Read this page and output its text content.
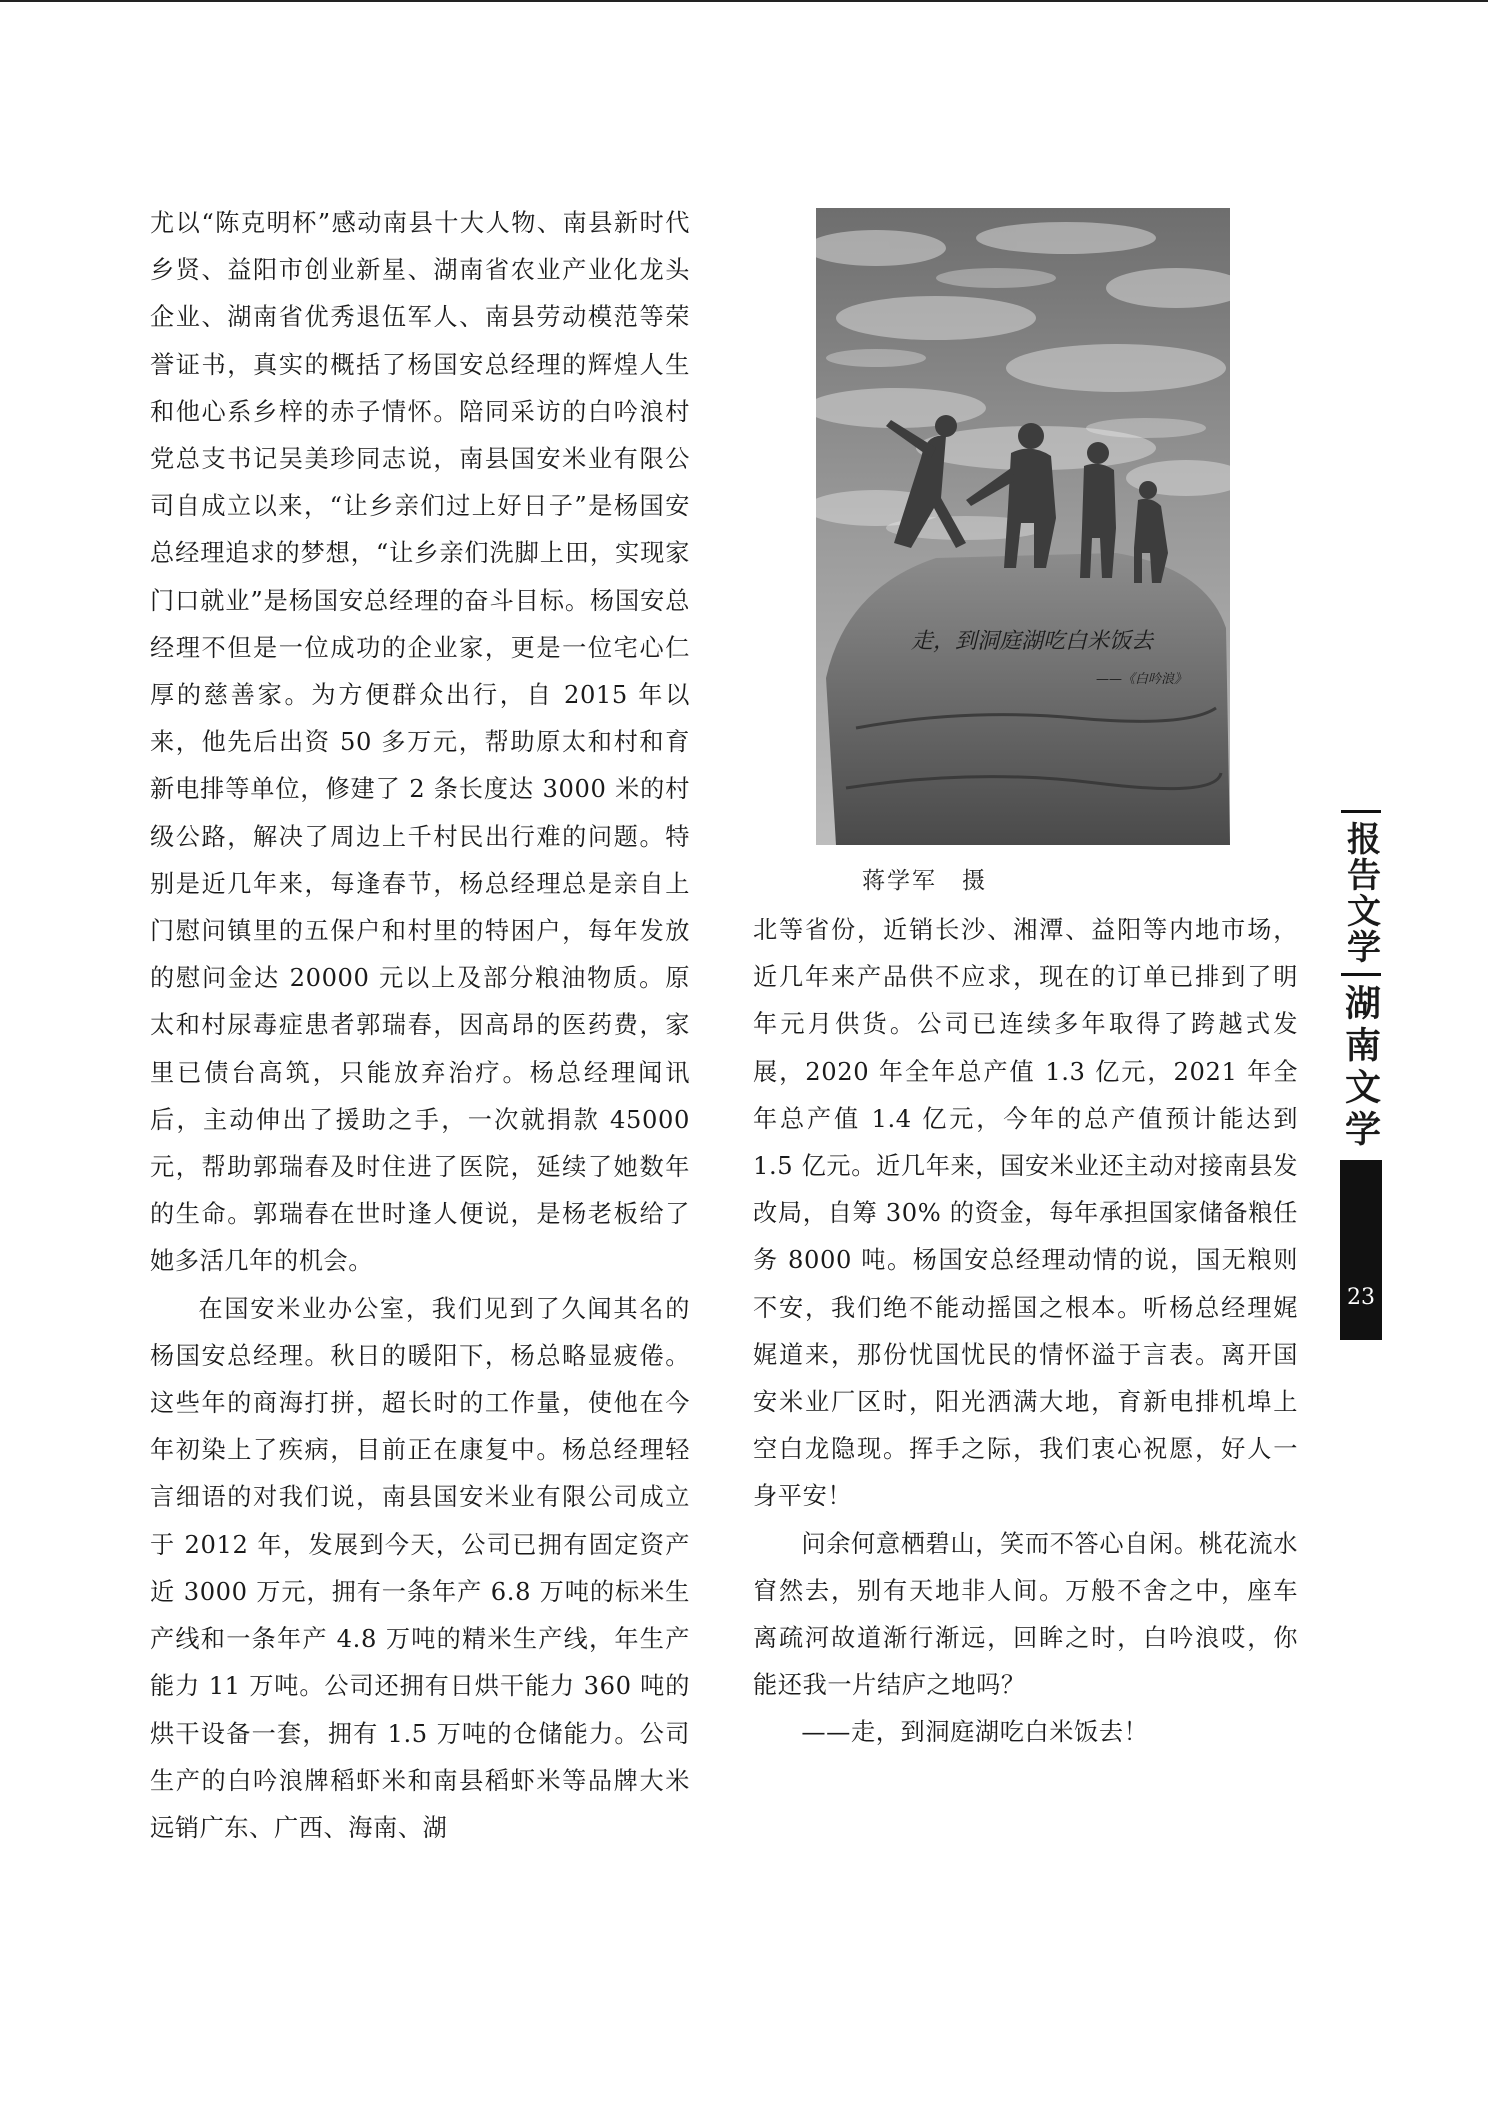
尤以“陈克明杯”感动南县十大人物、南县新时代乡贤、益阳市创业新星、湖南省农业产业化龙头企业、湖南省优秀退伍军人、南县劳动模范等荣誉证书，真实的概括了杨国安总经理的辉煌人生和他心系乡梓的赤子情怀。陪同采访的白吟浪村党总支书记吴美珍同志说，南县国安米业有限公司自成立以来，“让乡亲们过上好日子”是杨国安总经理追求的梦想，“让乡亲们洗脚上田，实现家门口就业”是杨国安总经理的奋斗目标。杨国安总经理不但是一位成功的企业家，更是一位宅心仁厚的慈善家。为方便群众出行，自 2015 年以来，他先后出资 50 多万元，帮助原太和村和育新电排等单位，修建了 2 条长度达 3000 米的村级公路，解决了周边上千村民出行难的问题。特别是近几年来，每逢春节，杨总经理总是亲自上门慰问镇里的五保户和村里的特困户，每年发放的慰问金达 20000 元以上及部分粮油物质。原太和村尿毒症患者郭瑞春，因高昂的医药费，家里已债台高筑，只能放弃治疗。杨总经理闻讯后，主动伸出了援助之手，一次就捐款 45000 元，帮助郭瑞春及时住进了医院，延续了她数年的生命。郭瑞春在世时逢人便说，是杨老板给了她多活几年的机会。

在国安米业办公室，我们见到了久闻其名的杨国安总经理。秋日的暖阳下，杨总略显疲倦。这些年的商海打拼，超长时的工作量，使他在今年初染上了疾病，目前正在康复中。杨总经理轻言细语的对我们说，南县国安米业有限公司成立于 2012 年，发展到今天，公司已拥有固定资产近 3000 万元，拥有一条年产 6.8 万吨的标米生产线和一条年产 4.8 万吨的精米生产线，年生产能力 11 万吨。公司还拥有日烘干能力 360 吨的烘干设备一套，拥有 1.5 万吨的仓储能力。公司生产的白吟浪牌稻虾米和南县稻虾米等品牌大米远销广东、广西、海南、湖

走，到洞庭湖吃白米饭去
——《白吟浪》
蒋学军　摄

北等省份，近销长沙、湘潭、益阳等内地市场，近几年来产品供不应求，现在的订单已排到了明年元月供货。公司已连续多年取得了跨越式发展，2020 年全年总产值 1.3 亿元，2021 年全年总产值 1.4 亿元，今年的总产值预计能达到 1.5 亿元。近几年来，国安米业还主动对接南县发改局，自筹 30% 的资金，每年承担国家储备粮任务 8000 吨。杨国安总经理动情的说，国无粮则不安，我们绝不能动摇国之根本。听杨总经理娓娓道来，那份忧国忧民的情怀溢于言表。离开国安米业厂区时，阳光洒满大地，育新电排机埠上空白龙隐现。挥手之际，我们衷心祝愿，好人一身平安！

问余何意栖碧山，笑而不答心自闲。桃花流水窅然去，别有天地非人间。万般不舍之中，座车离疏河故道渐行渐远，回眸之时，白吟浪哎，你能还我一片结庐之地吗？

——走，到洞庭湖吃白米饭去！

报告文学
湖南文学
23
